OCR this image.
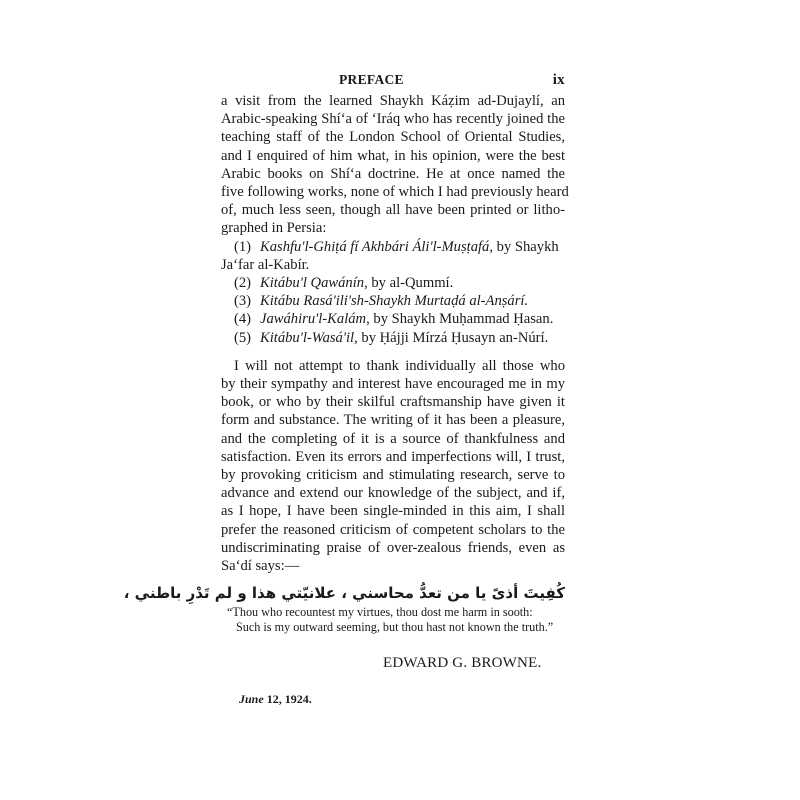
PREFACE	ix

a visit from the learned Shaykh Káẓim ad-Dujaylí, an
Arabic-speaking Shí‘a of ‘Iráq who has recently joined the
teaching staff of the London School of Oriental Studies,
and I enquired of him what, in his opinion, were the best
Arabic books on Shí‘a doctrine. He at once named the
five following works, none of which I had previously heard
of, much less seen, though all have been printed or litho-
graphed in Persia:

(1) Kashfu'l-Ghiṭá fí Akhbári Áli'l-Muṣṭafá, by Shaykh
Ja‘far al-Kabír.
(2) Kitábu'l Qawánín, by al-Qummí.
(3) Kitábu Rasá'ili'sh-Shaykh Murtaḍá al-Anṣárí.
(4) Jawáhiru'l-Kalám, by Shaykh Muḥammad Ḥasan.
(5) Kitábu'l-Wasá'il, by Ḥájji Mírzá Ḥusayn an-Núrí.

I will not attempt to thank individually all those who
by their sympathy and interest have encouraged me in my
book, or who by their skilful craftsmanship have given it
form and substance. The writing of it has been a pleasure,
and the completing of it is a source of thankfulness and
satisfaction. Even its errors and imperfections will, I trust,
by provoking criticism and stimulating research, serve to
advance and extend our knowledge of the subject, and if,
as I hope, I have been single-minded in this aim, I shall
prefer the reasoned criticism of competent scholars to the
undiscriminating praise of over-zealous friends, even as
Sa‘dí says:—

كُفِيتَ أذىً يا من تعدُّ محاسني ، علانيّتي هذا و لم تَدْرِ باطني ،
“Thou who recountest my virtues, thou dost me harm in sooth:
Such is my outward seeming, but thou hast not known the truth.”
EDWARD G. BROWNE.
June 12, 1924.
